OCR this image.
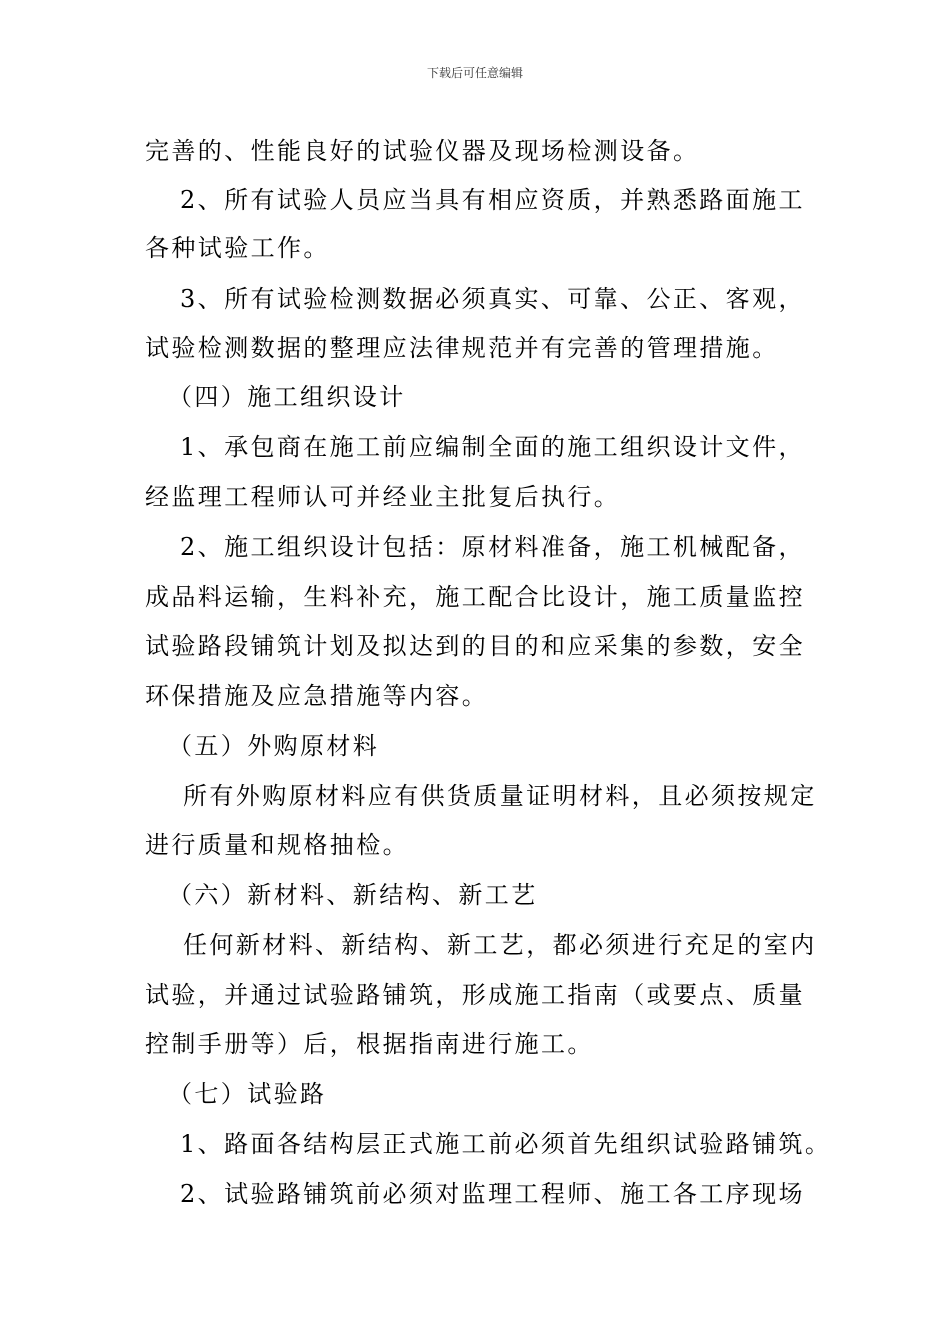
下载后可任意编辑
完善的、性能良好的试验仪器及现场检测设备。
2、所有试验人员应当具有相应资质，并熟悉路面施工
各种试验工作。
3、所有试验检测数据必须真实、可靠、公正、客观，
试验检测数据的整理应法律规范并有完善的管理措施。
（四）施工组织设计
1、承包商在施工前应编制全面的施工组织设计文件，
经监理工程师认可并经业主批复后执行。
2、施工组织设计包括：原材料准备，施工机械配备，
成品料运输，生料补充，施工配合比设计，施工质量监控
试验路段铺筑计划及拟达到的目的和应采集的参数，安全
环保措施及应急措施等内容。
（五）外购原材料
所有外购原材料应有供货质量证明材料，且必须按规定
进行质量和规格抽检。
（六）新材料、新结构、新工艺
任何新材料、新结构、新工艺，都必须进行充足的室内
试验，并通过试验路铺筑，形成施工指南（或要点、质量
控制手册等）后，根据指南进行施工。
（七）试验路
1、路面各结构层正式施工前必须首先组织试验路铺筑。
2、试验路铺筑前必须对监理工程师、施工各工序现场
